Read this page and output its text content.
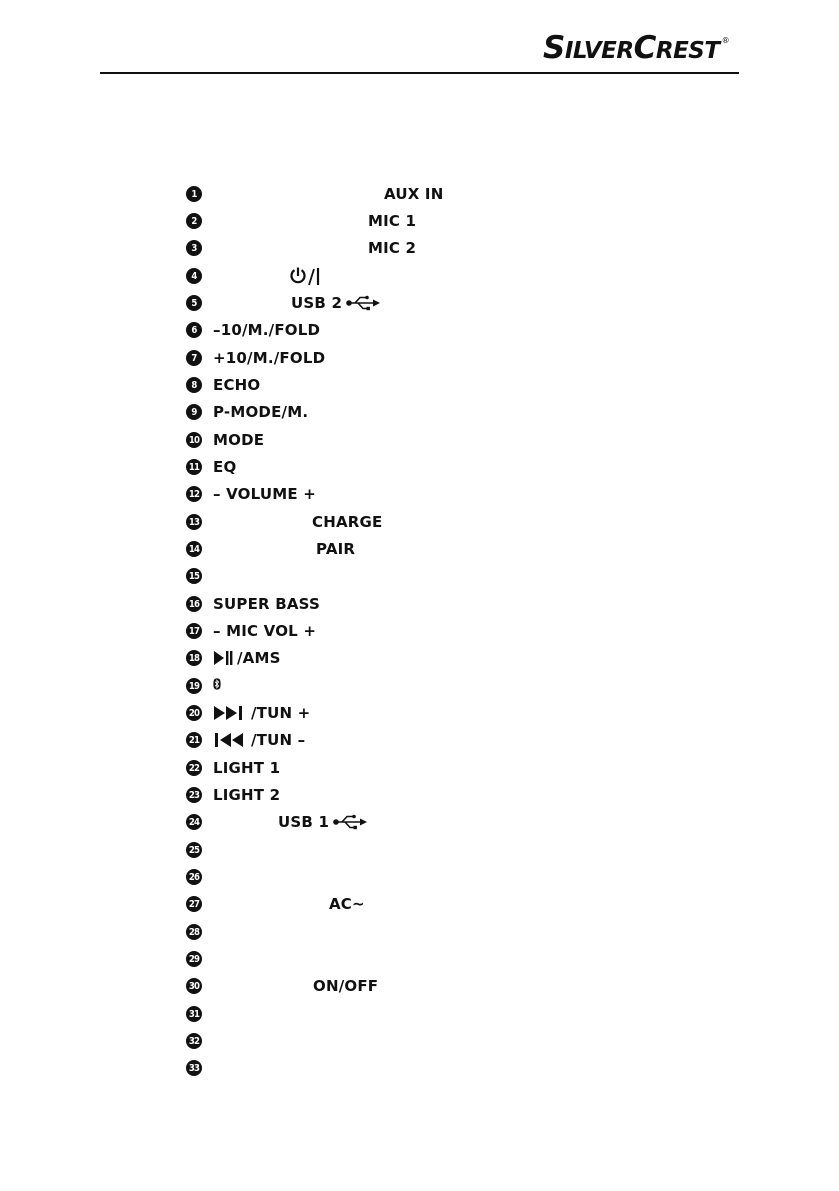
S ILVER C REST ®
1	AUX IN
2	MIC 1
3	MIC 2
4
5	USB 2
6	–10/M./FOLD
7	+10/M./FOLD
8	ECHO
9	P-MODE/M.
10 MODE
11 EQ
12 – VOLUME +
13	CHARGE
14	PAIR
15
16 SUPER BASS
17 – MIC VOL +
18	/AMS
19
20	/TUN +
21	/TUN –
22 LIGHT 1
23 LIGHT 2
24	USB 1
25
26
27	AC~
28
29
30	ON/OFF
31
32
33
